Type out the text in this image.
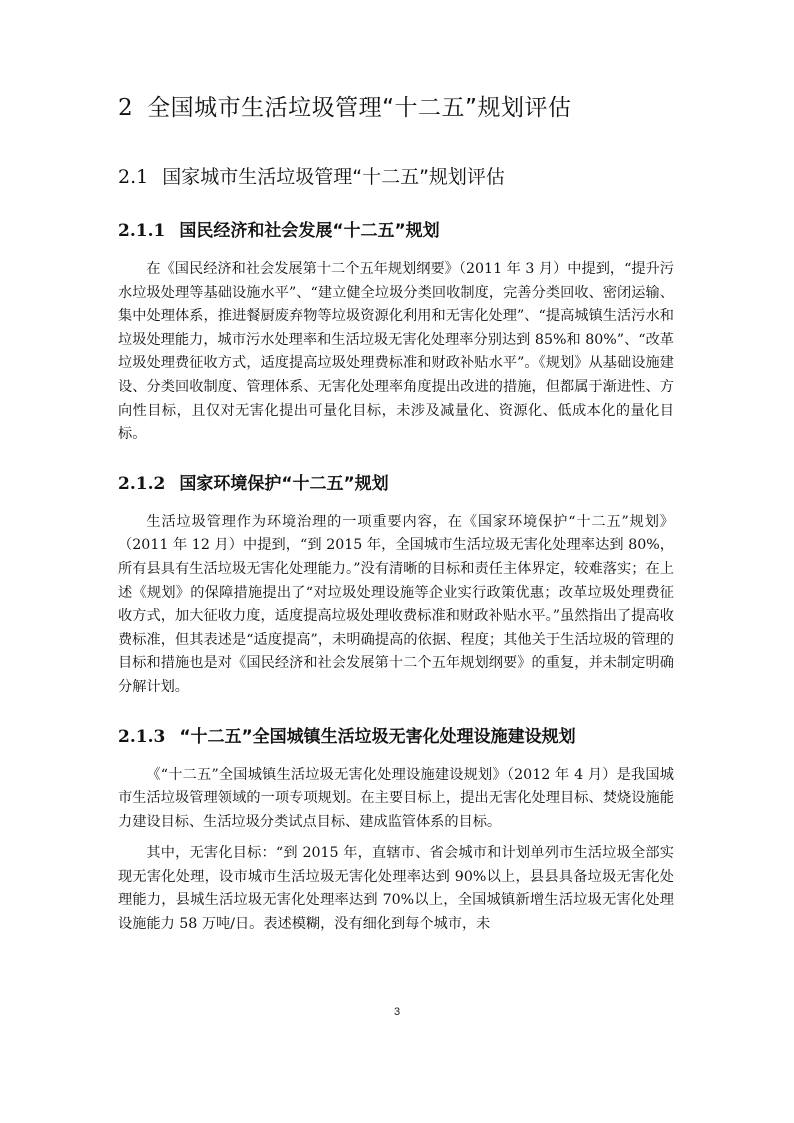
2 全国城市生活垃圾管理“十二五”规划评估
2.1 国家城市生活垃圾管理“十二五”规划评估
2.1.1 国民经济和社会发展“十二五”规划

在《国民经济和社会发展第十二个五年规划纲要》（2011 年 3 月）中提到，“提升污水垃圾处理等基础设施水平”、“建立健全垃圾分类回收制度，完善分类回收、密闭运输、集中处理体系，推进餐厨废弃物等垃圾资源化利用和无害化处理”、“提高城镇生活污水和垃圾处理能力，城市污水处理率和生活垃圾无害化处理率分别达到 85%和 80%”、“改革垃圾处理费征收方式，适度提高垃圾处理费标准和财政补贴水平”。《规划》从基础设施建设、分类回收制度、管理体系、无害化处理率角度提出改进的措施，但都属于渐进性、方向性目标，且仅对无害化提出可量化目标，未涉及减量化、资源化、低成本化的量化目标。

2.1.2 国家环境保护“十二五”规划

生活垃圾管理作为环境治理的一项重要内容，在《国家环境保护“十二五”规划》（2011 年 12 月）中提到，“到 2015 年，全国城市生活垃圾无害化处理率达到 80%，所有县具有生活垃圾无害化处理能力。”没有清晰的目标和责任主体界定，较难落实；在上述《规划》的保障措施提出了“对垃圾处理设施等企业实行政策优惠；改革垃圾处理费征收方式，加大征收力度，适度提高垃圾处理收费标准和财政补贴水平。”虽然指出了提高收费标准，但其表述是“适度提高”，未明确提高的依据、程度；其他关于生活垃圾的管理的目标和措施也是对《国民经济和社会发展第十二个五年规划纲要》的重复，并未制定明确分解计划。

2.1.3 “十二五”全国城镇生活垃圾无害化处理设施建设规划

《“十二五”全国城镇生活垃圾无害化处理设施建设规划》（2012 年 4 月）是我国城市生活垃圾管理领域的一项专项规划。在主要目标上，提出无害化处理目标、焚烧设施能力建设目标、生活垃圾分类试点目标、建成监管体系的目标。

其中，无害化目标：“到 2015 年，直辖市、省会城市和计划单列市生活垃圾全部实现无害化处理，设市城市生活垃圾无害化处理率达到 90%以上，县县具备垃圾无害化处理能力，县城生活垃圾无害化处理率达到 70%以上，全国城镇新增生活垃圾无害化处理设施能力 58 万吨/日。表述模糊，没有细化到每个城市，未

3
